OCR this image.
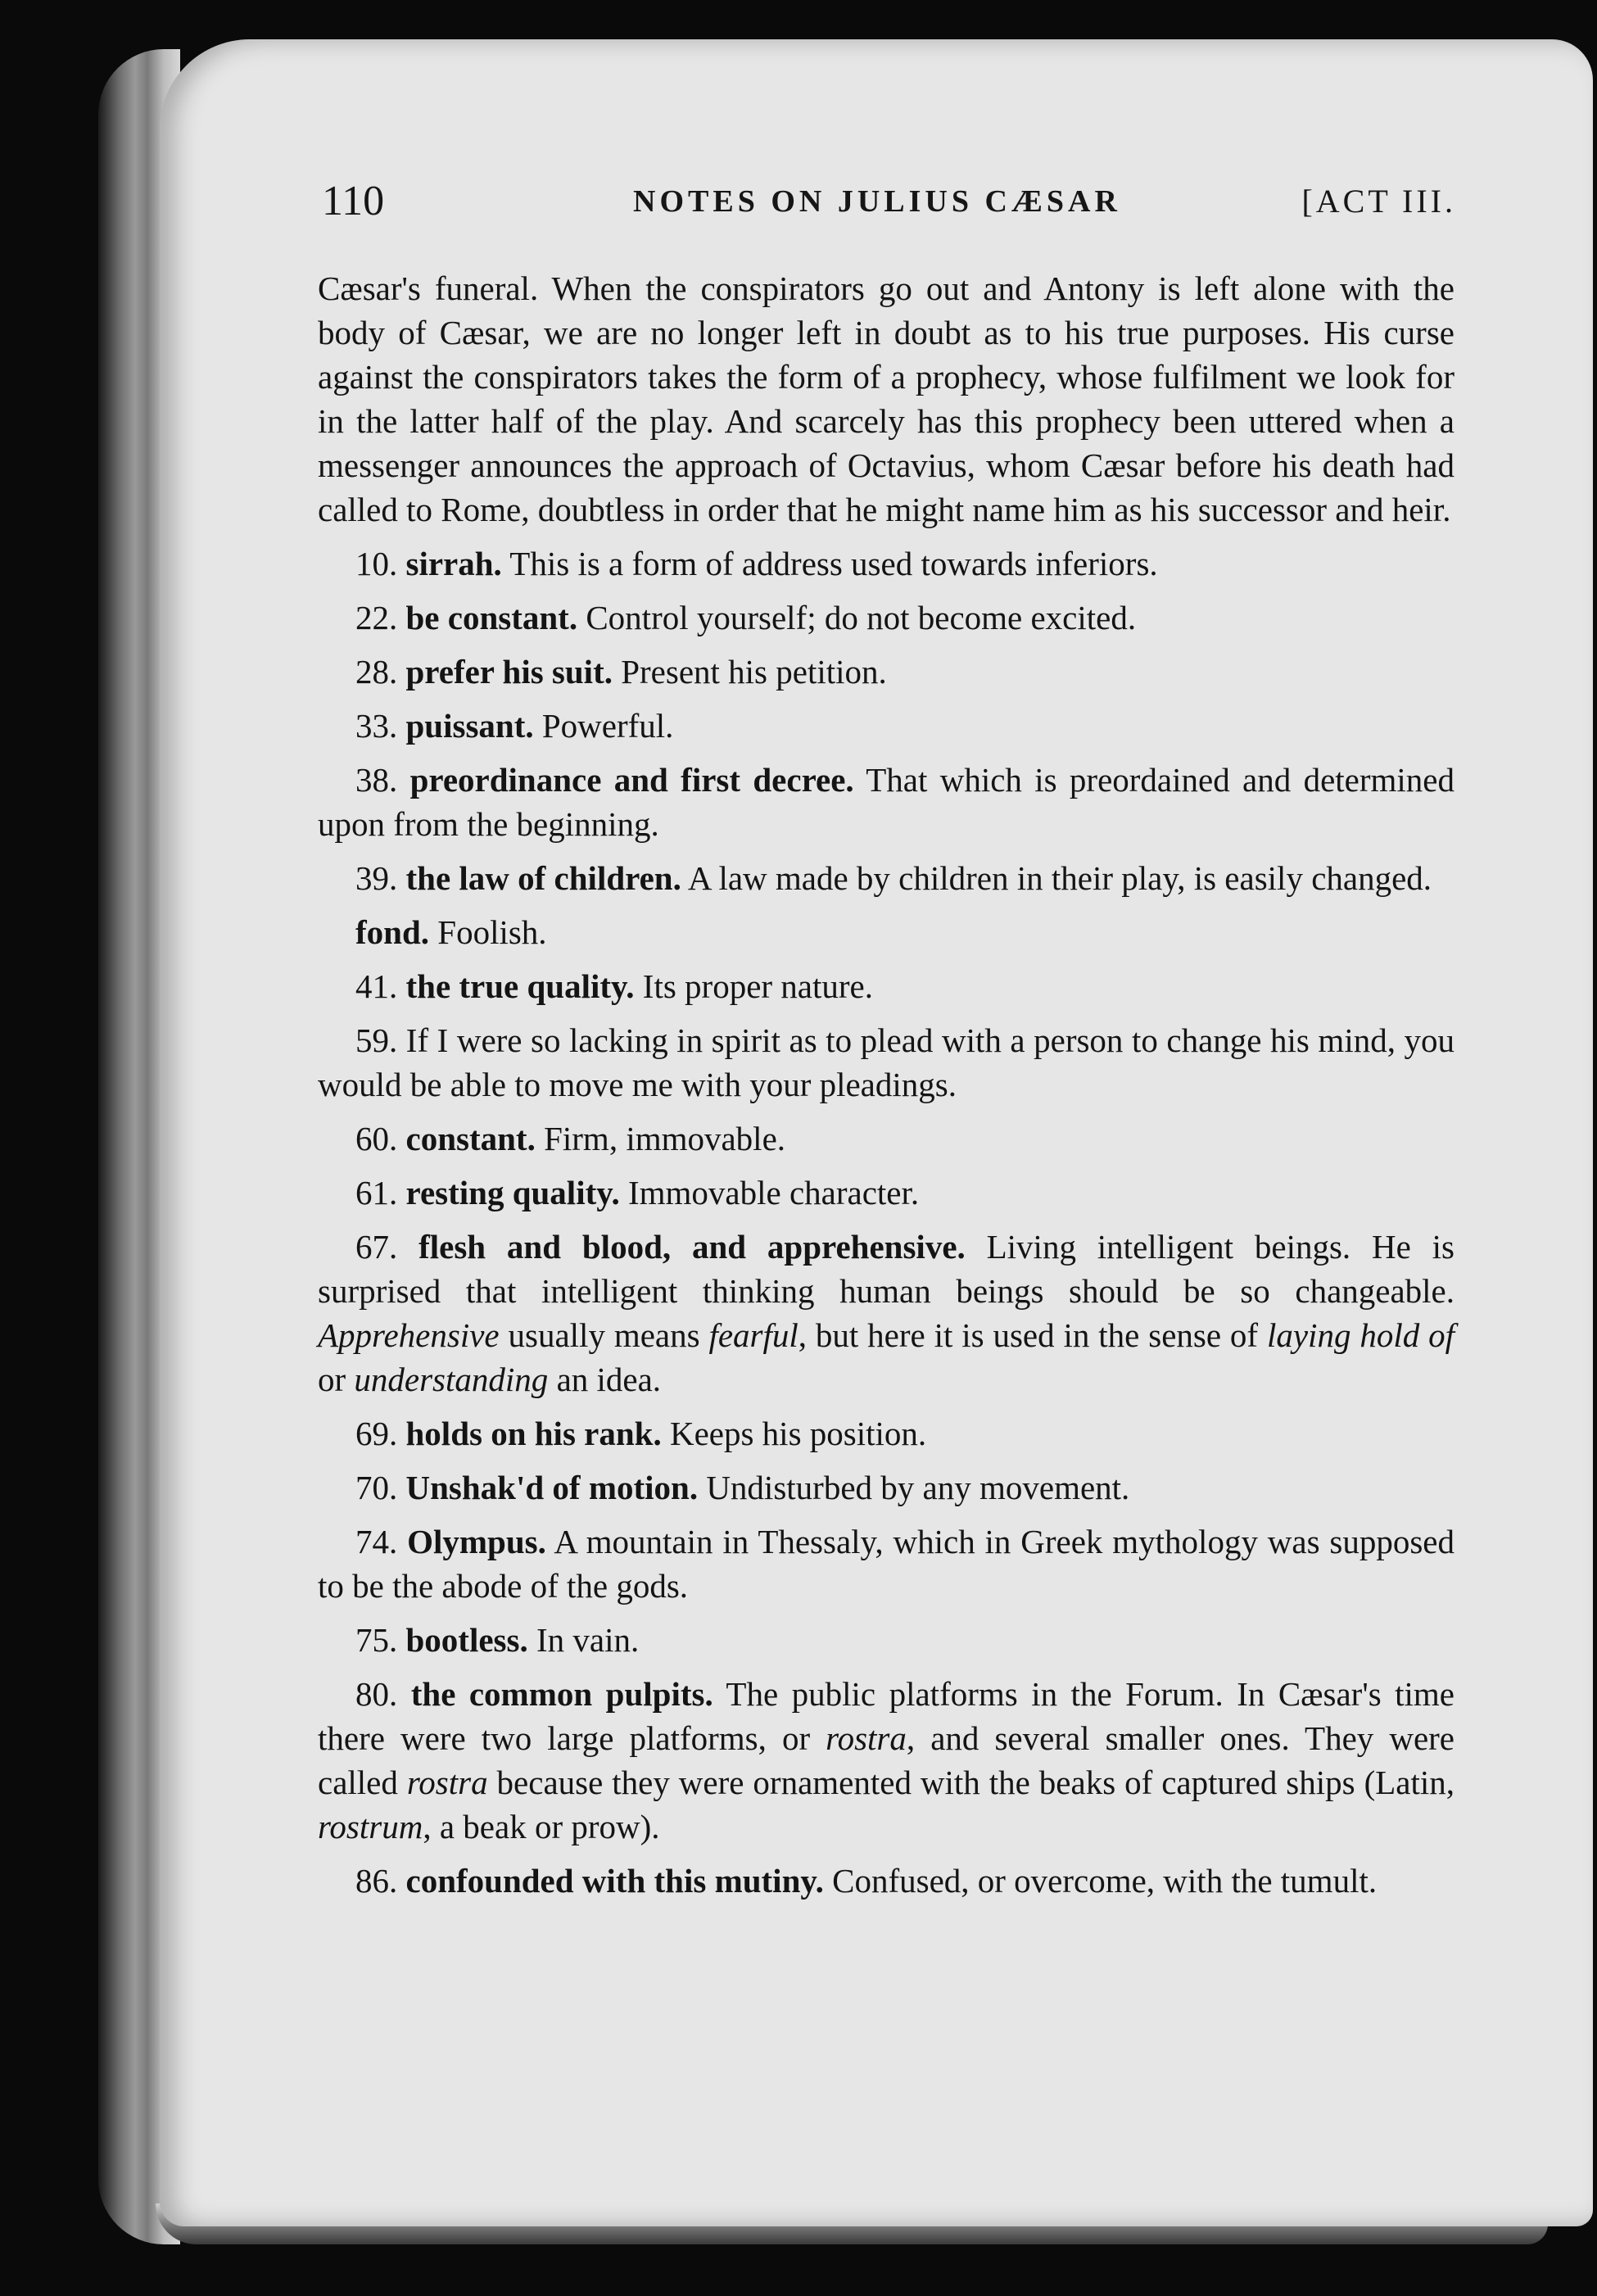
110	NOTES ON JULIUS CÆSAR	[ACT III.

Cæsar's funeral. When the conspirators go out and Antony is left alone with the body of Cæsar, we are no longer left in doubt as to his true purposes. His curse against the conspirators takes the form of a prophecy, whose fulfilment we look for in the latter half of the play. And scarcely has this prophecy been uttered when a messenger announces the approach of Octavius, whom Cæsar before his death had called to Rome, doubtless in order that he might name him as his successor and heir.

10. sirrah. This is a form of address used towards inferiors.

22. be constant. Control yourself; do not become excited.

28. prefer his suit. Present his petition.

33. puissant. Powerful.

38. preordinance and first decree. That which is preordained and determined upon from the beginning.

39. the law of children. A law made by children in their play, is easily changed.

fond. Foolish.

41. the true quality. Its proper nature.

59. If I were so lacking in spirit as to plead with a person to change his mind, you would be able to move me with your pleadings.

60. constant. Firm, immovable.

61. resting quality. Immovable character.

67. flesh and blood, and apprehensive. Living intelligent beings. He is surprised that intelligent thinking human beings should be so changeable. Apprehensive usually means fearful, but here it is used in the sense of laying hold of or understanding an idea.

69. holds on his rank. Keeps his position.

70. Unshak'd of motion. Undisturbed by any movement.

74. Olympus. A mountain in Thessaly, which in Greek mythology was supposed to be the abode of the gods.

75. bootless. In vain.

80. the common pulpits. The public platforms in the Forum. In Cæsar's time there were two large platforms, or rostra, and several smaller ones. They were called rostra because they were ornamented with the beaks of captured ships (Latin, rostrum, a beak or prow).

86. confounded with this mutiny. Confused, or overcome, with the tumult.
